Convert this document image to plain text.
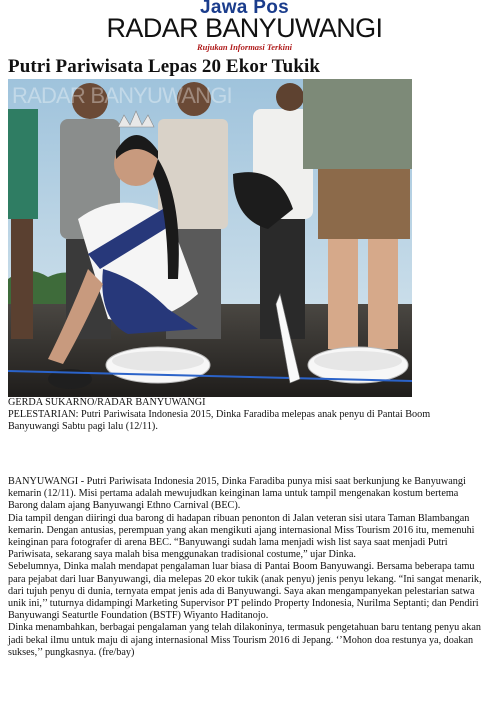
Jawa Pos
RADAR BANYUWANGI
Rujukan Informasi Terkini
Putri Pariwisata Lepas 20 Ekor Tukik
RADAR BANYUWANGI

GERDA SUKARNO/RADAR BANYUWANGI

PELESTARIAN: Putri Pariwisata Indonesia 2015, Dinka Faradiba melepas anak penyu di Pantai Boom Banyuwangi Sabtu pagi lalu (12/11).

BANYUWANGI - Putri Pariwisata Indonesia 2015, Dinka Faradiba punya misi saat berkunjung ke Banyuwangi kemarin (12/11). Misi pertama adalah mewujudkan keinginan lama untuk tampil mengenakan kostum bertema Barong dalam ajang Banyuwangi Ethno Carnival (BEC).

Dia tampil dengan diiringi dua barong di hadapan ribuan penonton di Jalan veteran sisi utara Taman Blambangan kemarin. Dengan antusias, perempuan yang akan mengikuti ajang internasional Miss Tourism 2016 itu, memenuhi keinginan para fotografer di arena BEC. “Banyuwangi sudah lama menjadi wish list saya saat menjadi Putri Pariwisata, sekarang saya malah bisa menggunakan tradisional costume,” ujar Dinka.

Sebelumnya, Dinka malah mendapat pengalaman luar biasa di Pantai Boom Banyuwangi. Bersama beberapa tamu para pejabat dari luar Banyuwangi, dia melepas 20 ekor tukik (anak penyu) jenis penyu lekang. “Ini sangat menarik, dari tujuh penyu di dunia, ternyata empat jenis ada di Banyuwangi. Saya akan mengampanyekan pelestarian satwa unik ini,’’ tuturnya didampingi Marketing Supervisor PT pelindo Property Indonesia, Nurilma Septanti; dan Pendiri Banyuwangi Seaturtle Foundation (BSTF) Wiyanto Haditanojo.

Dinka menambahkan, berbagai pengalaman yang telah dilakoninya, termasuk pengetahuan baru tentang penyu akan jadi bekal ilmu untuk maju di ajang internasional Miss Tourism 2016 di Jepang. ‘’Mohon doa restunya ya, doakan sukses,’’ pungkasnya. (fre/bay)
